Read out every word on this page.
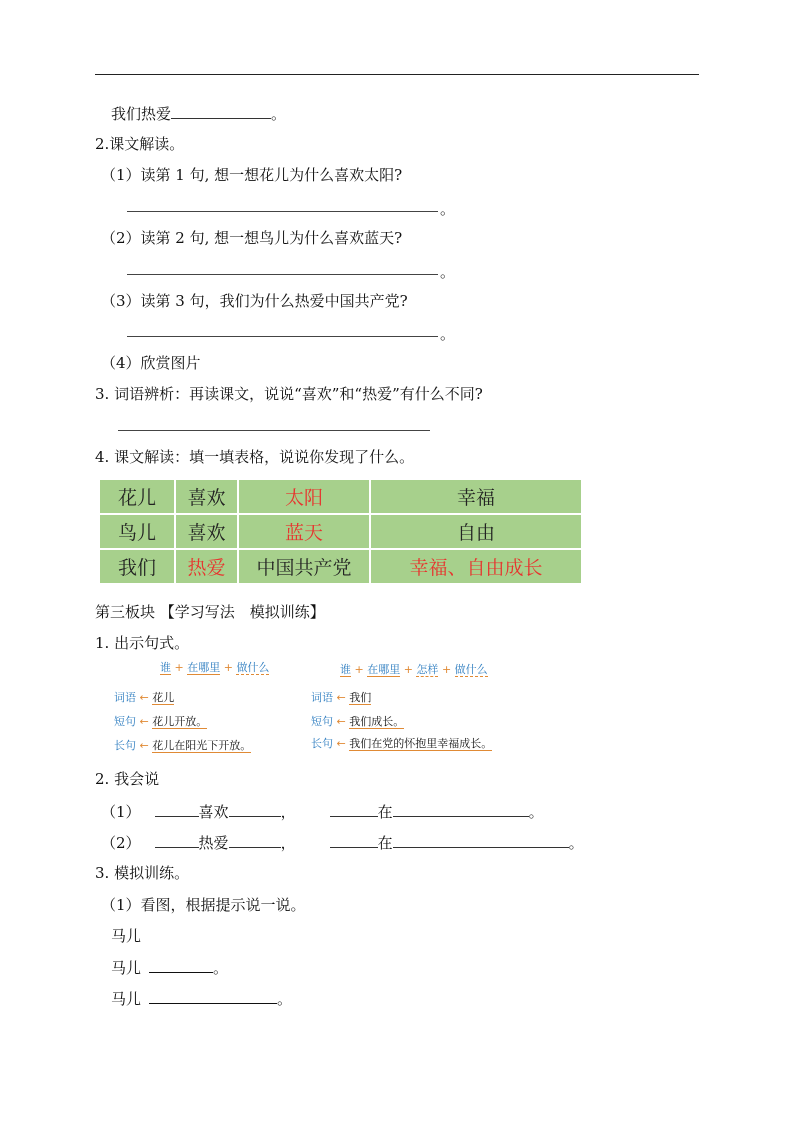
我们热爱	。
2.课文解读。
（1）读第 1 句, 想一想花儿为什么喜欢太阳?
。
（2）读第 2 句, 想一想鸟儿为什么喜欢蓝天?
。
（3）读第 3 句，我们为什么热爱中国共产党?
。
（4）欣赏图片
3. 词语辨析：再读课文，说说“喜欢”和“热爱”有什么不同?
4. 课文解读：填一填表格，说说你发现了什么。
花儿	喜欢	太阳	幸福
鸟儿	喜欢	蓝天	自由
我们	热爱	中国共产党	幸福、自由成长
第三板块 【学习写法　模拟训练】
1. 出示句式。
谁 + 在哪里 + 做什么
词语 ← 花儿
短句 ← 花儿开放。
长句 ← 花儿在阳光下开放。
谁 + 在哪里 + 怎样 + 做什么
词语 ← 我们
短句 ← 我们成长。
长句 ← 我们在党的怀抱里幸福成长。
2. 我会说
（1）	喜欢	，	在	。
（2）	热爱	，	在	。
3. 模拟训练。
（1）看图，根据提示说一说。
马儿
马儿	。
马儿	。
